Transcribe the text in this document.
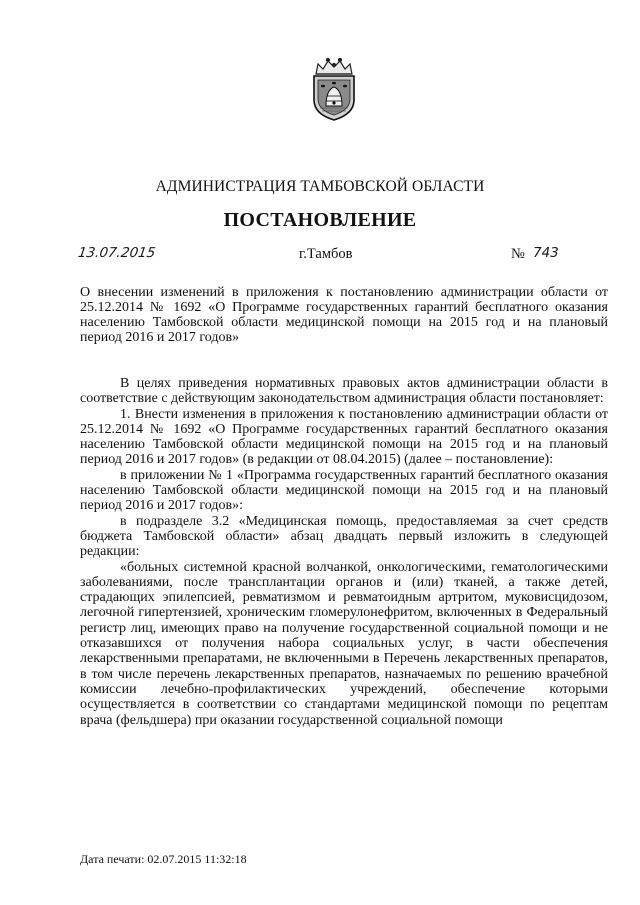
АДМИНИСТРАЦИЯ ТАМБОВСКОЙ ОБЛАСТИ
ПОСТАНОВЛЕНИЕ
13.07.2015	г.Тамбов	№ 743
О внесении изменений в приложения к постановлению администрации области от 25.12.2014 № 1692 «О Программе государственных гарантий бесплатного оказания населению Тамбовской области медицинской помощи на 2015 год и на плановый период 2016 и 2017 годов»

В целях приведения нормативных правовых актов администрации области в соответствие с действующим законодательством администрация области постановляет:

1. Внести изменения в приложения к постановлению администрации области от 25.12.2014 № 1692 «О Программе государственных гарантий бесплатного оказания населению Тамбовской области медицинской помощи на 2015 год и на плановый период 2016 и 2017 годов» (в редакции от 08.04.2015) (далее – постановление):

в приложении № 1 «Программа государственных гарантий бесплатного оказания населению Тамбовской области медицинской помощи на 2015 год и на плановый период 2016 и 2017 годов»:

в подразделе 3.2 «Медицинская помощь, предоставляемая за счет средств бюджета Тамбовской области» абзац двадцать первый изложить в следующей редакции:

«больных системной красной волчанкой, онкологическими, гематологическими заболеваниями, после трансплантации органов и (или) тканей, а также детей, страдающих эпилепсией, ревматизмом и ревматоидным артритом, муковисцидозом, легочной гипертензией, хроническим гломерулонефритом, включенных в Федеральный регистр лиц, имеющих право на получение государственной социальной помощи и не отказавшихся от получения набора социальных услуг, в части обеспечения лекарственными препаратами, не включенными в Перечень лекарственных препаратов, в том числе перечень лекарственных препаратов, назначаемых по решению врачебной комиссии лечебно-профилактических учреждений, обеспечение которыми осуществляется в соответствии со стандартами медицинской помощи по рецептам врача (фельдшера) при оказании государственной социальной помощи

Дата печати: 02.07.2015 11:32:18
